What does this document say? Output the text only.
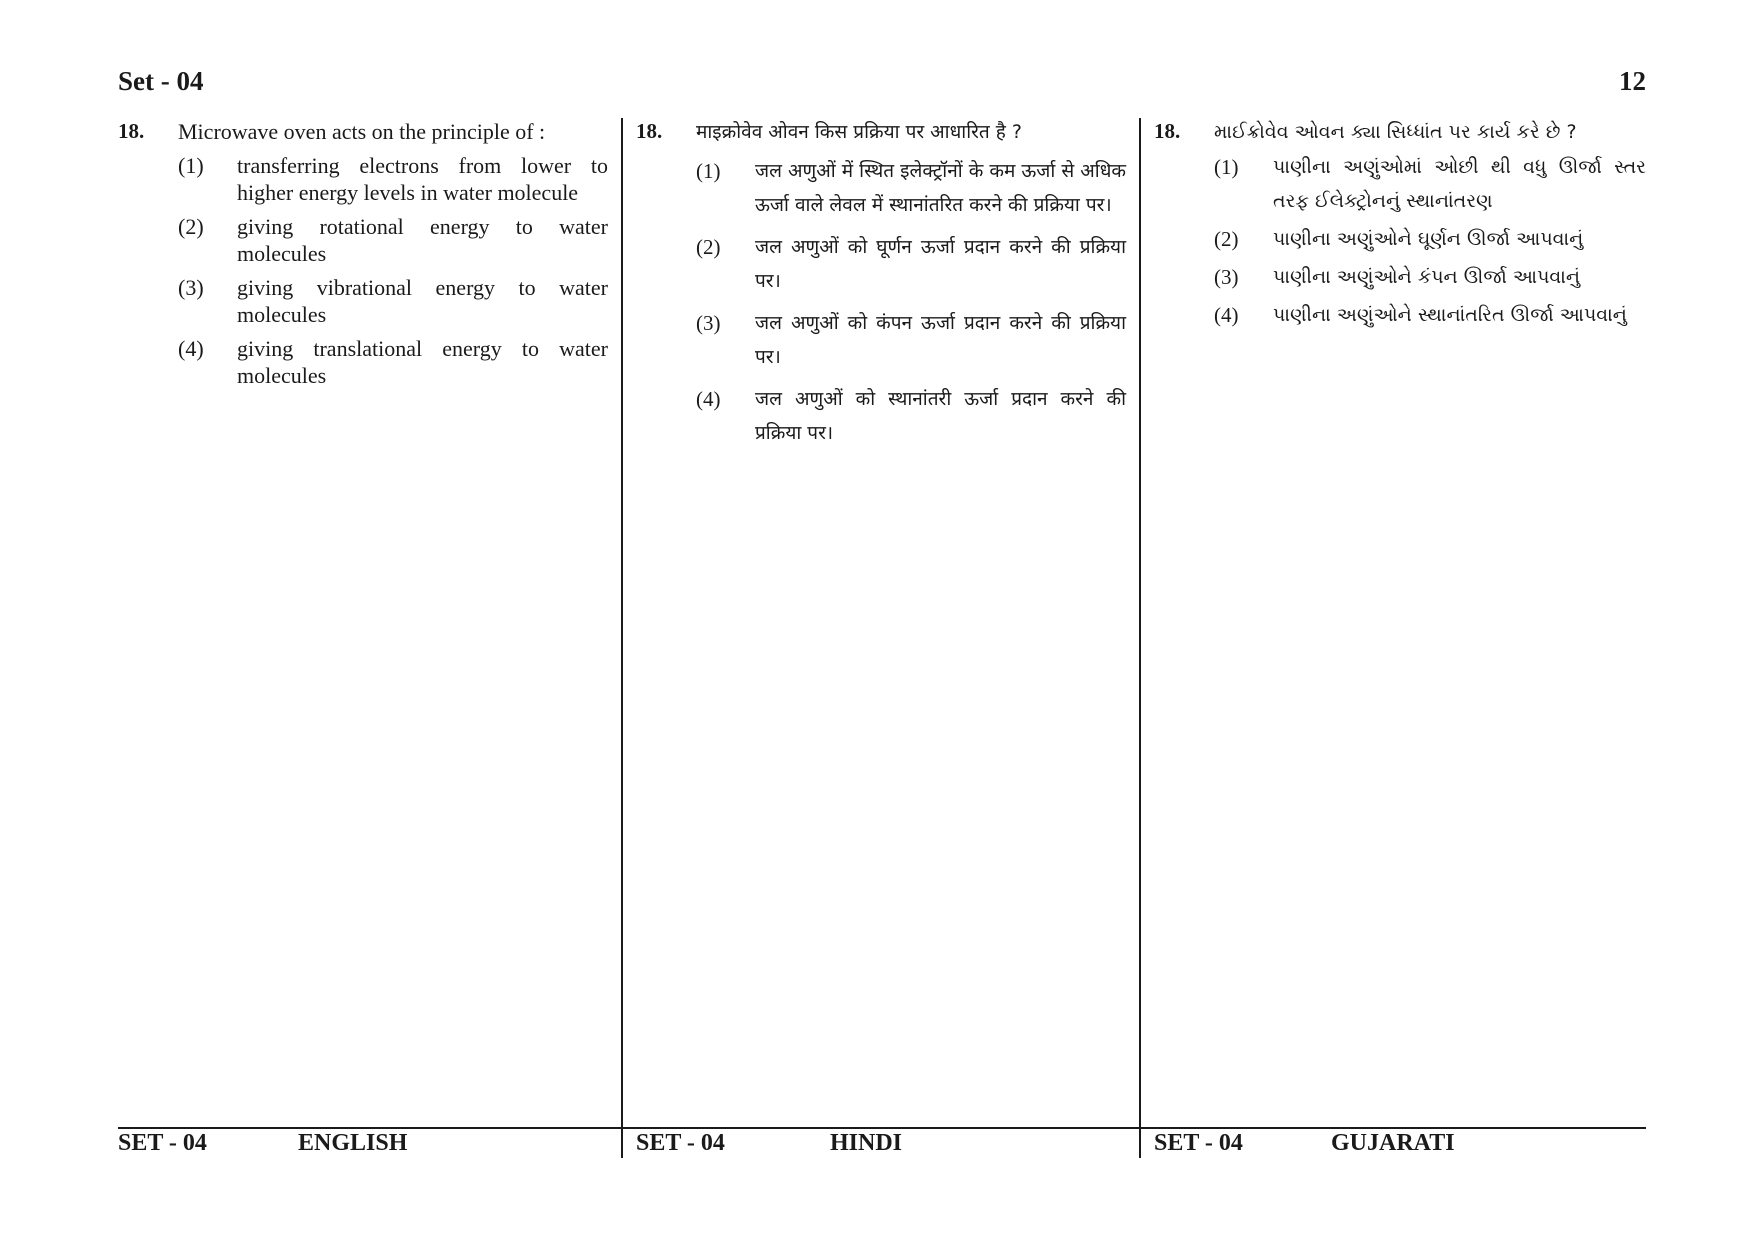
Set - 04	12
18.	Microwave oven acts on the principle of :
(1)	transferring electrons from lower to higher energy levels in water molecule
(2)	giving rotational energy to water molecules
(3)	giving vibrational energy to water molecules
(4)	giving translational energy to water molecules
18.	माइक्रोवेव ओवन किस प्रक्रिया पर आधारित है ?
(1)	जल अणुओं में स्थित इलेक्ट्रॉनों के कम ऊर्जा से अधिक ऊर्जा वाले लेवल में स्थानांतरित करने की प्रक्रिया पर।
(2)	जल अणुओं को घूर्णन ऊर्जा प्रदान करने की प्रक्रिया पर।
(3)	जल अणुओं को कंपन ऊर्जा प्रदान करने की प्रक्रिया पर।
(4)	जल अणुओं को स्थानांतरी ऊर्जा प्रदान करने की प्रक्रिया पर।
18.	માઈક્રોવેવ ઓવન ક્યા સિધ્ધાંત પર કાર્ય કરે છે ?
(1)	પાણીના અણુંઓમાં ઓછી થી વધુ ઊર્જા સ્તર તરફ ઈલેક્ટ્રોનનું સ્થાનાંતરણ
(2)	પાણીના અણુંઓને ઘૂર્ણન ઊર્જા આપવાનું
(3)	પાણીના અણુંઓને કંપન ઊર્જા આપવાનું
(4)	પાણીના અણુંઓને સ્થાનાંતરિત ઊર્જા આપવાનું
SET - 04	ENGLISH	SET - 04	HINDI	SET - 04	GUJARATI
